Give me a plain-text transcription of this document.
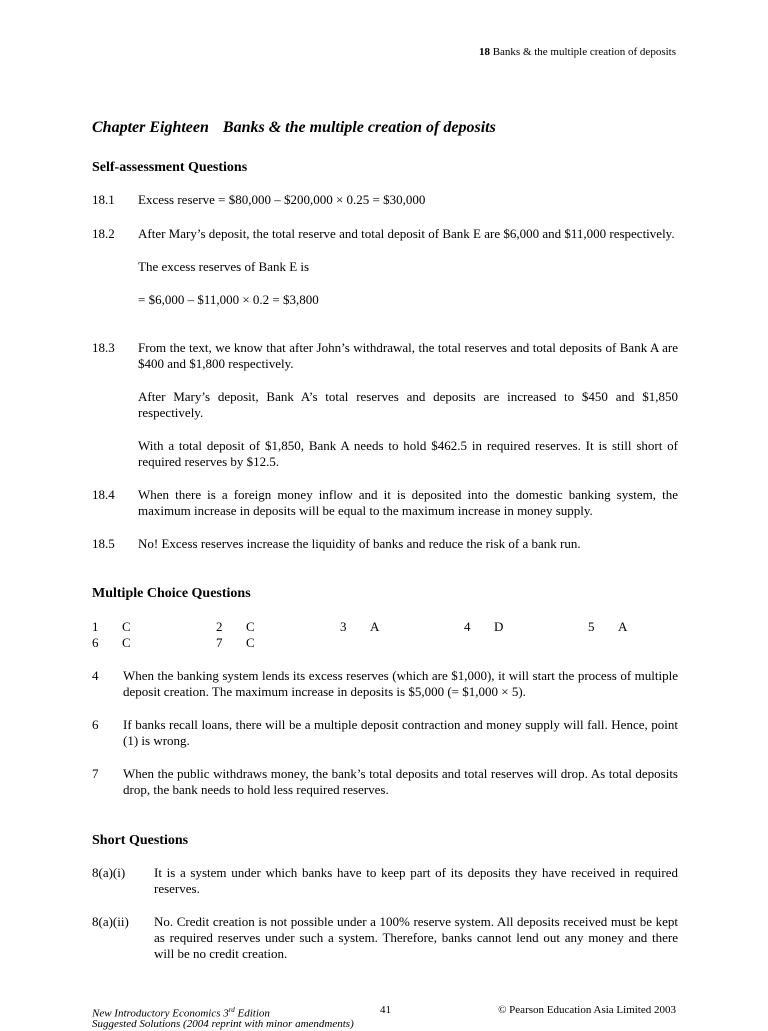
18 Banks & the multiple creation of deposits
Chapter Eighteen Banks & the multiple creation of deposits
Self-assessment Questions
18.1 Excess reserve = $80,000 – $200,000 × 0.25 = $30,000

18.2 After Mary’s deposit, the total reserve and total deposit of Bank E are $6,000 and $11,000 respectively.

The excess reserves of Bank E is

= $6,000 – $11,000 × 0.2 = $3,800

18.3 From the text, we know that after John’s withdrawal, the total reserves and total deposits of Bank A are $400 and $1,800 respectively.

After Mary’s deposit, Bank A’s total reserves and deposits are increased to $450 and $1,850 respectively.

With a total deposit of $1,850, Bank A needs to hold $462.5 in required reserves. It is still short of required reserves by $12.5.

18.4 When there is a foreign money inflow and it is deposited into the domestic banking system, the maximum increase in deposits will be equal to the maximum increase in money supply.

18.5 No! Excess reserves increase the liquidity of banks and reduce the risk of a bank run.

Multiple Choice Questions
1 C	2 C	3 A	4 D	5 A
6 C	7 C
4 When the banking system lends its excess reserves (which are $1,000), it will start the process of multiple deposit creation. The maximum increase in deposits is $5,000 (= $1,000 × 5).
6 If banks recall loans, there will be a multiple deposit contraction and money supply will fall. Hence, point (1) is wrong.
7 When the public withdraws money, the bank’s total deposits and total reserves will drop. As total deposits drop, the bank needs to hold less required reserves.
Short Questions
8(a)(i) It is a system under which banks have to keep part of its deposits they have received in required reserves.
8(a)(ii) No. Credit creation is not possible under a 100% reserve system. All deposits received must be kept as required reserves under such a system. Therefore, banks cannot lend out any money and there will be no credit creation.
New Introductory Economics 3rd Edition	41	© Pearson Education Asia Limited 2003
Suggested Solutions (2004 reprint with minor amendments)
